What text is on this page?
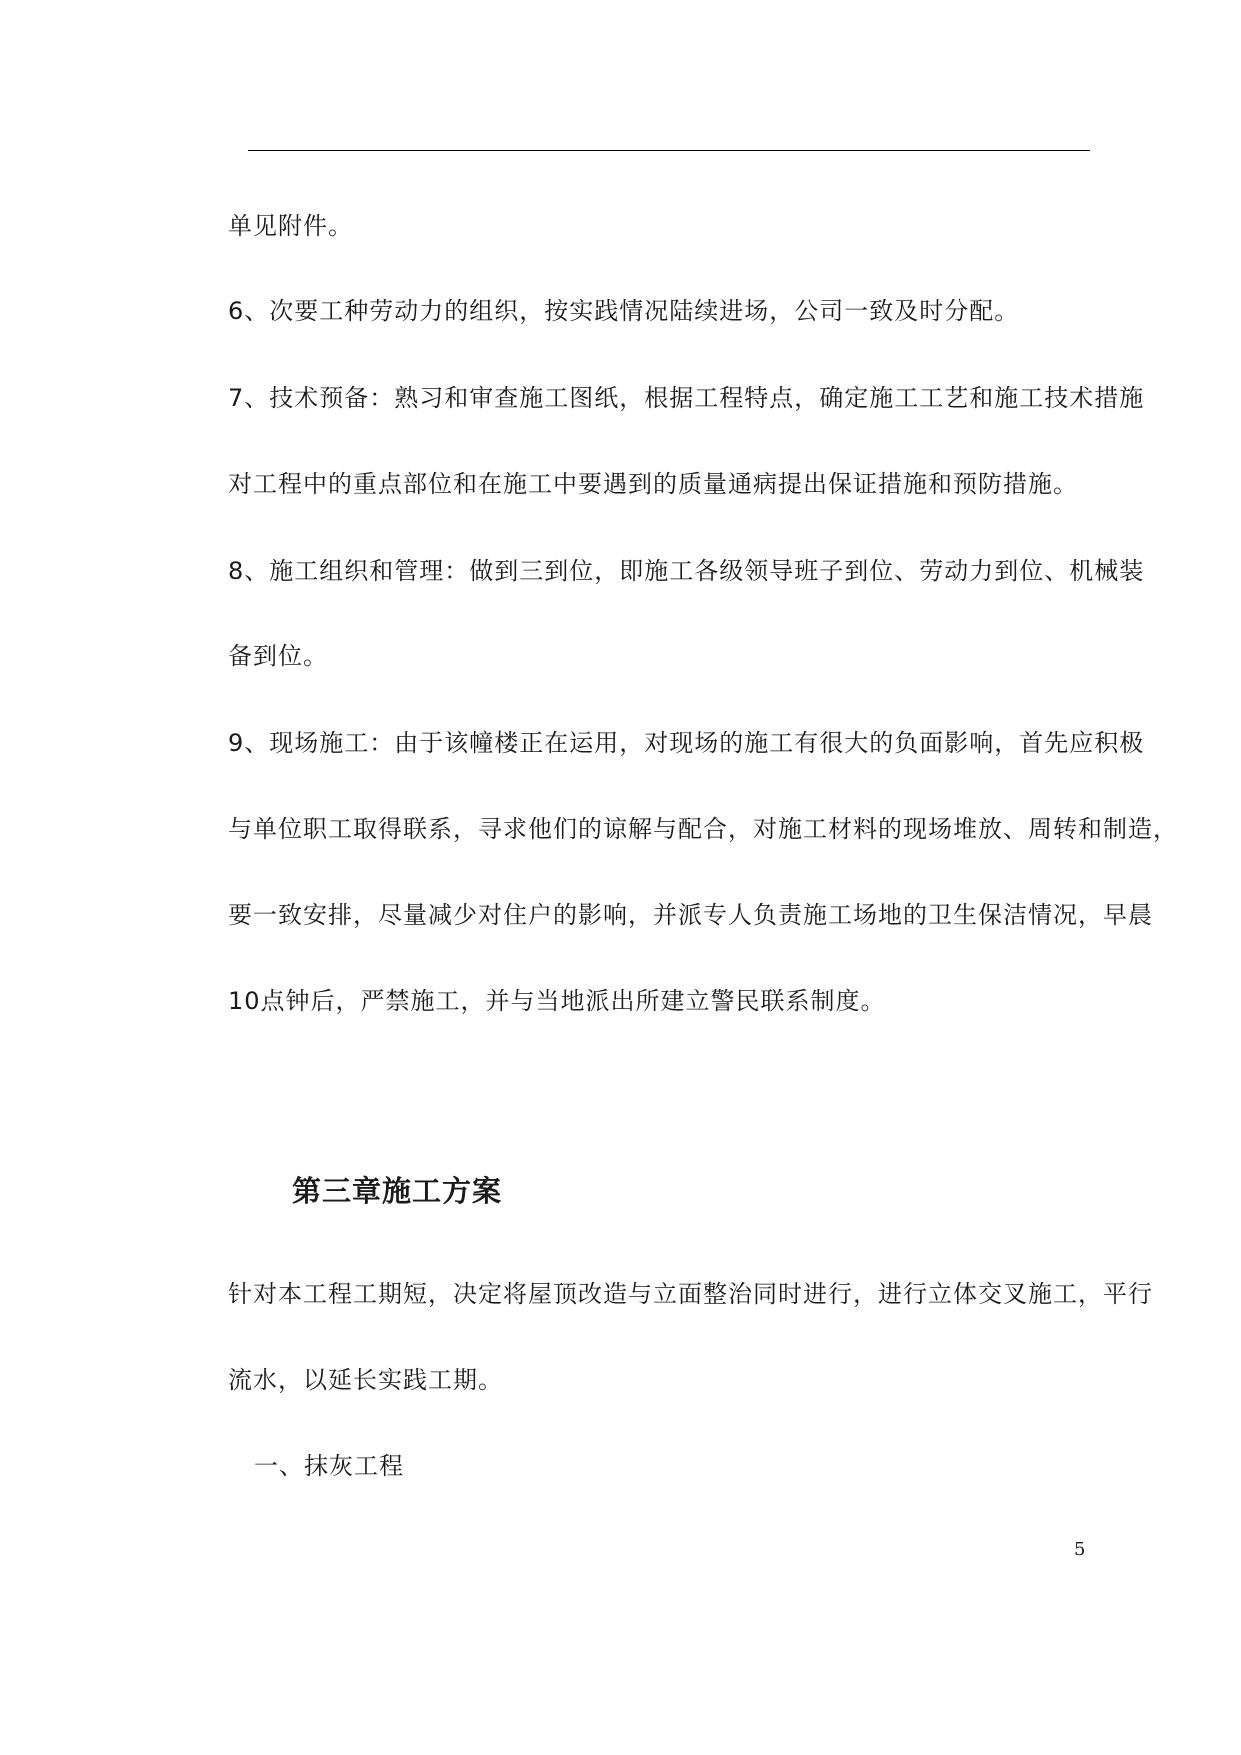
单见附件。
6、次要工种劳动力的组织，按实践情况陆续进场，公司一致及时分配。
7、技术预备：熟习和审查施工图纸，根据工程特点，确定施工工艺和施工技术措施
对工程中的重点部位和在施工中要遇到的质量通病提出保证措施和预防措施。
8、施工组织和管理：做到三到位，即施工各级领导班子到位、劳动力到位、机械装
备到位。
9、现场施工：由于该幢楼正在运用，对现场的施工有很大的负面影响，首先应积极
与单位职工取得联系，寻求他们的谅解与配合，对施工材料的现场堆放、周转和制造，
要一致安排，尽量减少对住户的影响，并派专人负责施工场地的卫生保洁情况，早晨
10点钟后，严禁施工，并与当地派出所建立警民联系制度。
第三章施工方案
针对本工程工期短，决定将屋顶改造与立面整治同时进行，进行立体交叉施工，平行
流水，以延长实践工期。
一、抹灰工程
5
